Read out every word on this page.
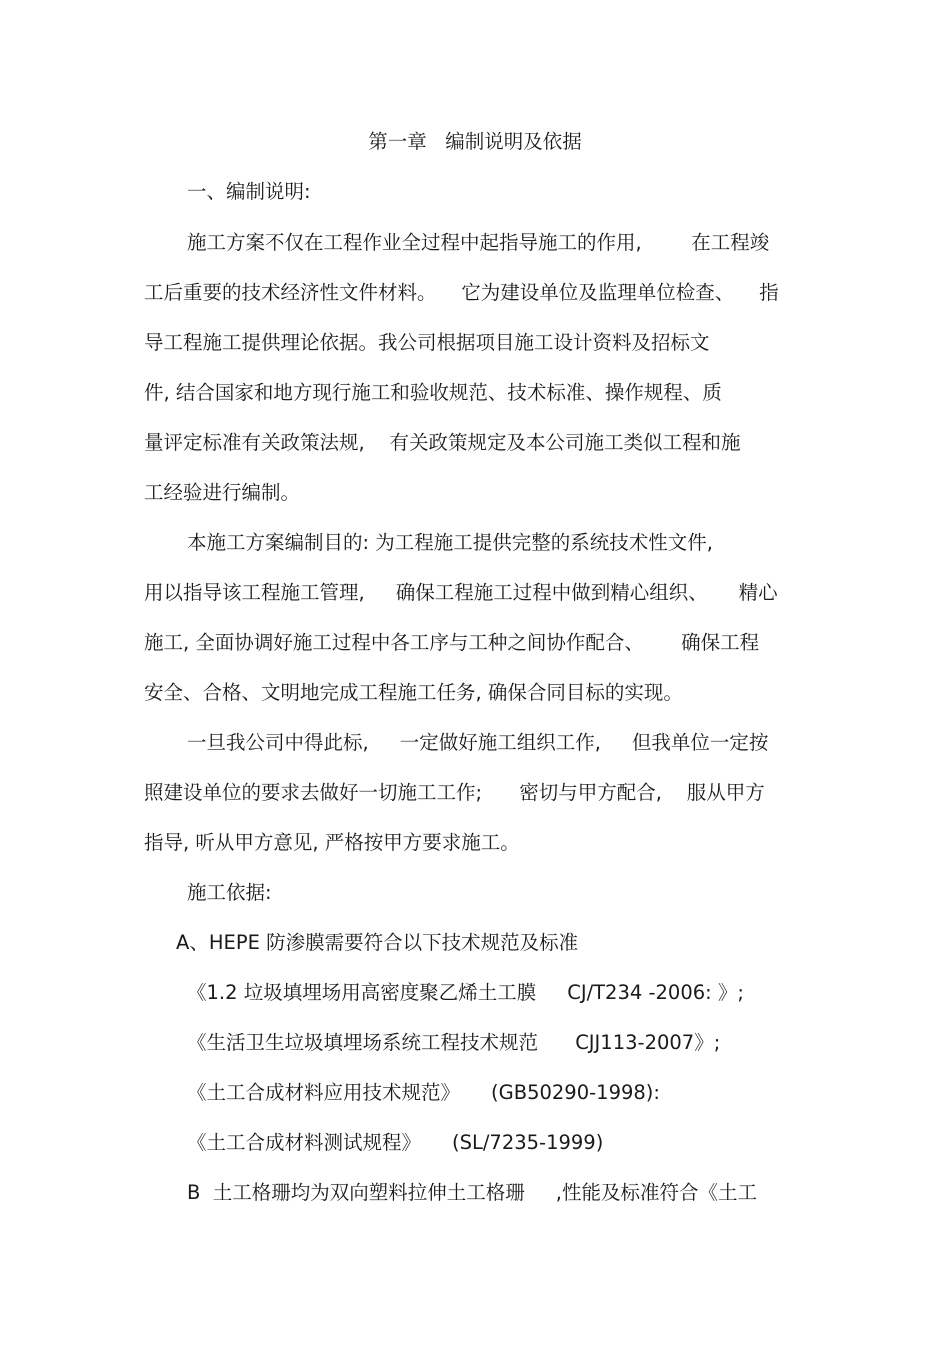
第一章   编制说明及依据
一、编制说明:
施工方案不仅在工程作业全过程中起指导施工的作用,        在工程竣
工后重要的技术经济性文件材料。    它为建设单位及监理单位检查、    指
导工程施工提供理论依据。我公司根据项目施工设计资料及招标文
件, 结合国家和地方现行施工和验收规范、技术标准、操作规程、质
量评定标准有关政策法规,    有关政策规定及本公司施工类似工程和施
工经验进行编制。
本施工方案编制目的: 为工程施工提供完整的系统技术性文件,
用以指导该工程施工管理,     确保工程施工过程中做到精心组织、     精心
施工, 全面协调好施工过程中各工序与工种之间协作配合、      确保工程
安全、合格、文明地完成工程施工任务, 确保合同目标的实现。
一旦我公司中得此标,     一定做好施工组织工作,     但我单位一定按
照建设单位的要求去做好一切施工工作;      密切与甲方配合,    服从甲方
指导, 听从甲方意见, 严格按甲方要求施工。
施工依据:
A、HEPE 防渗膜需要符合以下技术规范及标准
《1.2 垃圾填埋场用高密度聚乙烯土工膜     CJ/T234 -2006: 》;
《生活卫生垃圾填埋场系统工程技术规范      CJJ113-2007》;
《土工合成材料应用技术规范》     (GB50290-1998):
《土工合成材料测试规程》     (SL/7235-1999)
B  土工格珊均为双向塑料拉伸土工格珊     ,性能及标准符合《土工
